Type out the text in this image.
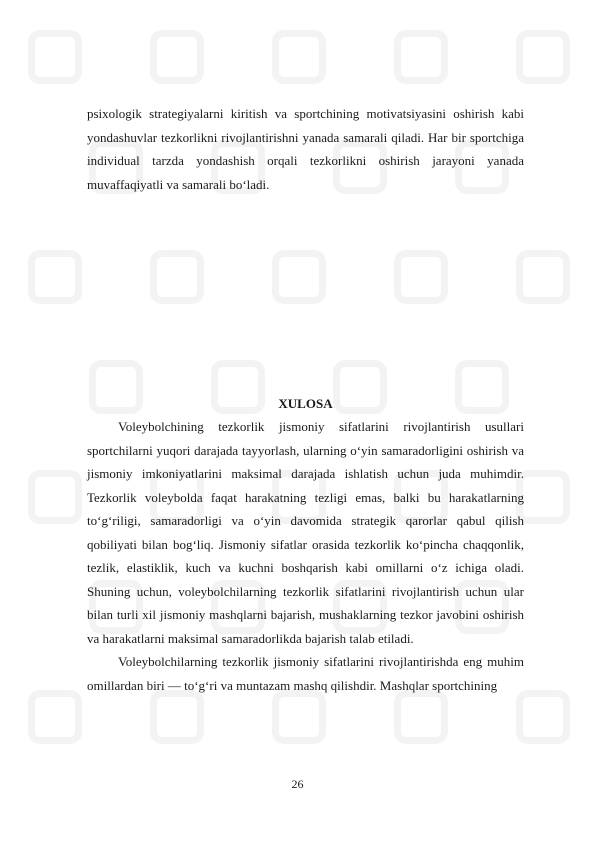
psixologik strategiyalarni kiritish va sportchining motivatsiyasini oshirish kabi yondashuvlar tezkorlikni rivojlantirishni yanada samarali qiladi. Har bir sportchiga individual tarzda yondashish orqali tezkorlikni oshirish jarayoni yanada muvaffaqiyatli va samarali bo‘ladi.

XULOSA

Voleybolchining tezkorlik jismoniy sifatlarini rivojlantirish usullari sportchilarni yuqori darajada tayyorlash, ularning o‘yin samaradorligini oshirish va jismoniy imkoniyatlarini maksimal darajada ishlatish uchun juda muhimdir. Tezkorlik voleybolda faqat harakatning tezligi emas, balki bu harakatlarning to‘g‘riligi, samaradorligi va o‘yin davomida strategik qarorlar qabul qilish qobiliyati bilan bog‘liq. Jismoniy sifatlar orasida tezkorlik ko‘pincha chaqqonlik, tezlik, elastiklik, kuch va kuchni boshqarish kabi omillarni o‘z ichiga oladi. Shuning uchun, voleybolchilarning tezkorlik sifatlarini rivojlantirish uchun ular bilan turli xil jismoniy mashqlarni bajarish, mushaklarning tezkor javobini oshirish va harakatlarni maksimal samaradorlikda bajarish talab etiladi.

Voleybolchilarning tezkorlik jismoniy sifatlarini rivojlantirishda eng muhim omillardan biri — to‘g‘ri va muntazam mashq qilishdir. Mashqlar sportchining

26
